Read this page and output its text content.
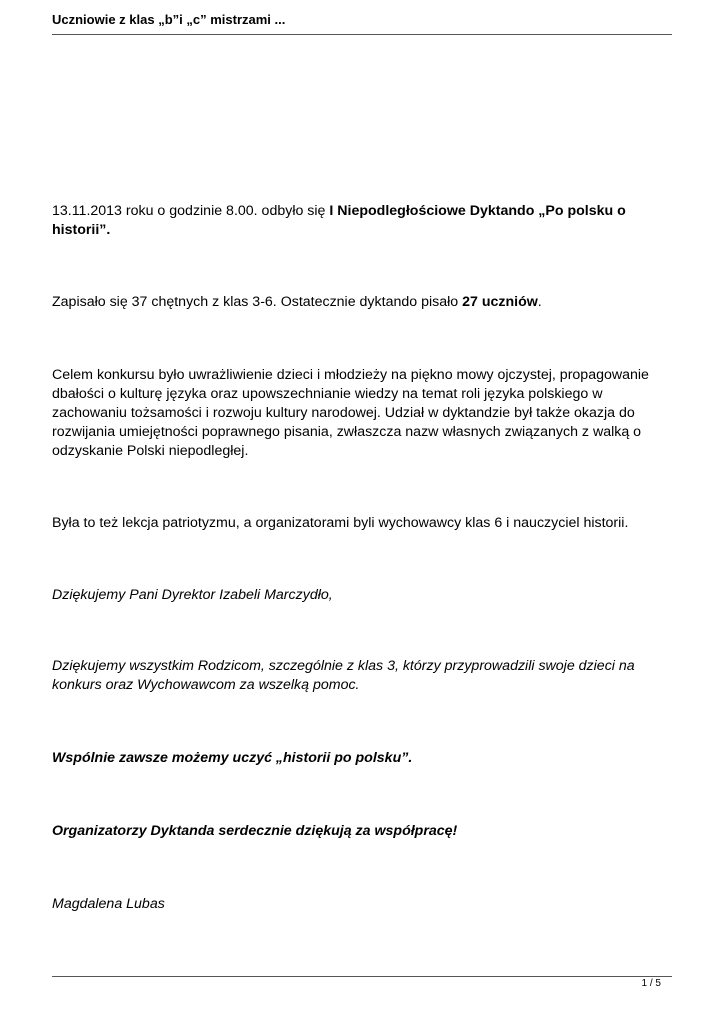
Uczniowie z klas „b”i „c” mistrzami ...

13.11.2013 roku o godzinie 8.00. odbyło się I Niepodległościowe Dyktando „Po polsku o historii”.

Zapisało się 37 chętnych z klas 3-6. Ostatecznie dyktando pisało 27 uczniów.

Celem konkursu było uwrażliwienie dzieci i młodzieży na piękno mowy ojczystej, propagowanie dbałości o kulturę języka oraz upowszechnianie wiedzy na temat roli języka polskiego w zachowaniu tożsamości i rozwoju kultury narodowej. Udział w dyktandzie był także okazja do rozwijania umiejętności poprawnego pisania, zwłaszcza nazw własnych związanych z walką o odzyskanie Polski niepodległej.

Była to też lekcja patriotyzmu, a organizatorami byli wychowawcy klas 6 i nauczyciel historii.

Dziękujemy Pani Dyrektor Izabeli Marczydło,

Dziękujemy wszystkim Rodzicom, szczególnie z klas 3, którzy przyprowadzili swoje dzieci na konkurs oraz Wychowawcom za wszelką pomoc.

Wspólnie zawsze możemy uczyć „historii po polsku”.

Organizatorzy Dyktanda serdecznie dziękują za współpracę!

Magdalena Lubas

1 / 5
